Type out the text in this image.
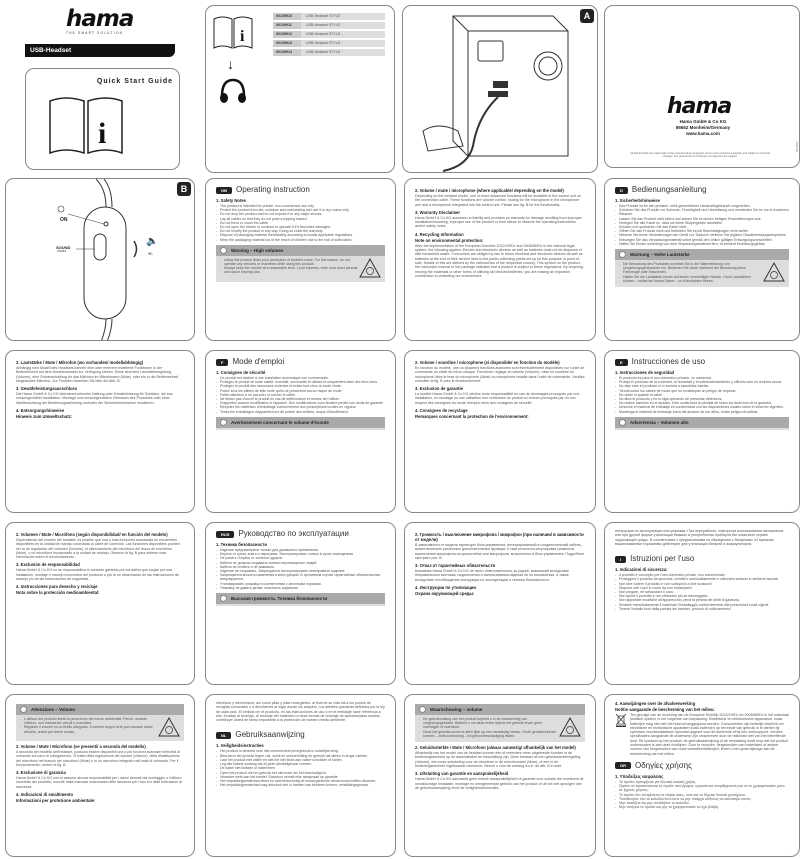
hama
THE SMART SOLUTION
USB-Headset
Quick Start Guide
i
i
↓
00139910	USB-Headset STYLE
00139911	USB-Headset STYLE
00139912	USB-Headset STYLE
00139913	USB-Headset STYLE
00139914	USB-Headset STYLE
A
hama
Hama GmbH & Co KG
86652 Monheim/Germany
www.hama.com
All listed brands are trademarks of the corresponding companies. Errors and omissions excepted, and subject to technical changes. Our general terms of delivery and payment are applied.
06.2017
B
ON
SOUND
ON/OFF
🔈
+/-
GB	Operating instruction
1. Safety Notes
- The product is intended for private, non-commercial use only.
- Protect the product from dirt, moisture and overheating and use it in dry rooms only.
- Do not drop the product and do not expose it to any major shocks.
- Lay all cables so that they do not pose a tripping hazard.
- Do not bend or crush the cable.
- Do not open the device or continue to operate it if it becomes damaged.
- Do not modify the product in any way. Doing so voids the warranty.
- Dispose of packaging material immediately according to locally applicable regulations.
- Keep the packaging material out of the reach of children due to the risk of suffocation.
Warning – High volumes
- Using this product limits your perception of ambient noise. For this reason, do not operate any vehicles or machines while using this product.
- Always keep the volume at a reasonable level. Loud volumes, even over short periods, can cause hearing loss.
2. Volume / mute / microphone (where applicable/ depending on the model)
Depending on the headset model, one or more advanced functions will be available in the control unit on the connection cable. These functions are volume control, muting for the microphone in the microphone arm and a microphone integrated into the control unit. Please see fig. B for the functionality.
3. Warranty Disclaimer
Hama GmbH & Co KG assumes no liability and provides no warranty for damage resulting from improper installation/mounting, improper use of the product or from failure to observe the operating instructions and/or safety notes.
4. Recycling Information
Note on environmental protection:
After the implementation of the European Directive 2012/19/EU and 2006/66/EU in the national legal system, the following applies: Electric and electronic devices as well as batteries must not be disposed of with household waste. Consumers are obliged by law to return electrical and electronic devices as well as batteries at the end of their service lives to the public collecting points set up for this purpose or point of sale. Details to this are defined by the national law of the respective country. This symbol on the product, the instruction manual or the package indicates that a product is subject to these regulations. By recycling, reusing the materials or other forms of utilising old devices/batteries, you are making an important contribution to protecting our environment.
D	Bedienungsanleitung
1. Sicherheitshinweise
- Das Produkt ist für den privaten, nicht-gewerblichen Haushaltsgebrauch vorgesehen.
- Schützen Sie das Produkt vor Schmutz, Feuchtigkeit und Überhitzung und verwenden Sie es nur in trockenen Räumen.
- Lassen Sie das Produkt nicht fallen und setzen Sie es keinen heftigen Erschütterungen aus.
- Verlegen Sie alle Kabel so, dass sie keine Stolpergefahr darstellen.
- Knicken und quetschen Sie das Kabel nicht.
- Öffnen Sie das Produkt nicht und betreiben Sie es bei Beschädigungen nicht weiter.
- Nehmen Sie keine Veränderungen am Gerät vor. Dadurch verlieren Sie jegliche Gewährleistungsansprüche.
- Entsorgen Sie das Verpackungsmaterial sofort gemäß den örtlich gültigen Entsorgungsvorschriften.
- Halten Sie Kinder unbedingt von dem Verpackungsmaterial fern, es besteht Erstickungsgefahr.
Warnung – Hohe Lautstärke
- Die Benutzung des Produktes schränkt Sie in der Wahrnehmung von Umgebungsgeräuschen ein. Bedienen Sie daher während der Benutzung keine Fahrzeuge oder Maschinen.
- Halten Sie die Lautstärke immer auf einem vernünftigen Niveau. Hohe Lautstärken können – selbst bei kurzer Dauer – zu Hörschäden führen.
2. Lautstärke / Mute / Mikrofon (wo vorhanden/ modellabhängig)
Abhängig vom Modell des Headsets können eine oder mehrere erweiterte Funktionen in der Bedieneinheit auf dem Anschlusskabel zur Verfügung stehen. Diese sind eine Lautstärkeregelung (Volume), eine Stummschaltung für das Mikrofon im Mikrofonarm (Mute), oder ein in die Bedieneinheit eingebautes Mikrofon. Zur Funktion beachten Sie bitte die Abb. B.
3. Gewährleistungsausschluss
Die Hama GmbH & Co KG übernimmt keinerlei Haftung oder Gewährleistung für Schäden, die aus unsachgemäßer Installation, Montage und unsachgemäßem Gebrauch des Produktes oder einer Nichtbeachtung der Bedienungsanleitung und/oder der Sicherheitshinweise resultieren.
4. Entsorgungshinweise
Hinweis zum Umweltschutz:
F	Mode d'emploi
1. Consignes de sécurité
- Ce produit est destiné à une installation domestique non commerciale.
- Protégez le produit de toute saleté, humidité, surchauffe et utilisez-le uniquement dans des lieux secs.
- Protégez le produit des secousses violentes et évitez tout choc ou toute chute.
- Posez tous les câbles de telle sorte qu'ils ne présentent aucun risque de chute.
- Faites attention à ne pas plier ni coincer le câble.
- Ne tentez pas d'ouvrir le produit en cas de détérioration et cessez de l'utiliser.
- N'apportez aucune modification à l'appareil. Des modifications vous feraient perdre vos droits de garantie.
- Recyclez les matériaux d'emballage conformément aux prescriptions locales en vigueur.
- Tenez les emballages d'appareils hors de portée des enfants, risque d'étouffement.
Avertissement concernant le volume d'écoute
2. Volume / sourdine / microphone (si disponible/ en fonction du modèle)
En fonction du modèle, une ou plusieurs fonctions avancées sont éventuellement disponibles sur l'unité de commande du câble du micro-casque. Fonctions: réglage du volume (Volume), mise en sourdine du microphone dans le bras du microphone (Mute) ou microphone installé dans l'unité de commande. Veuillez consulter la fig. B pour le fonctionnement.
3. Exclusion de garantie
La société Hama GmbH & Co KG décline toute responsabilité en cas de dommages provoqués par une installation, un montage ou une utilisation non conformes du produit ou encore provoqués par un non respect des consignes du mode d'emploi et/ou des consignes de sécurité.
4. Consignes de recyclage
Remarques concernant la protection de l'environnement:
E	Instrucciones de uso
1. Instrucciones de seguridad
- El producto es para el uso doméstico privado, no comercial.
- Proteja el producto de la suciedad, la humedad y el sobrecalentamiento y utilícelo sólo en recintos secos.
- No deje caer el producto ni lo someta a sacudidas fuertes.
- Tienda todos los cables de modo que no constituyan un peligro de tropezar.
- No doble ni aplaste el cable.
- No abra el producto y no lo siga operando de presentar deterioros.
- No realice cambios en el aparato. Esto conllevaría la pérdida de todos los derechos de la garantía.
- Deseche el material de embalaje en conformidad con las disposiciones locales sobre el desecho vigentes.
- Mantenga el material de embalaje fuera del alcance de los niños, existe peligro de asfixia.
Advertencia – Volumen alto
2. Volumen / Mute / Micrófono (según disponibilidad/ en función del modelo)
Dependiendo del modelo del headset, es posible que una o más funciones avanzadas se encuentren disponibles en la unidad de manejo conectada al cable de conexión. Las funciones disponibles pueden ser la de regulación del volumen (Volume), el silenciamiento del micrófono del brazo de micrófono (Mute), o un micrófono incorporado a la unidad de manejo. Observe la fig. B para obtener más información sobre el funcionamiento.
3. Exclusión de responsabilidad
Hama GmbH & Co KG no se responsabiliza ni concede garantía por los daños que surjan por una instalación, montaje o manejo incorrectos del producto o por la no observación de las instrucciones de manejo y/o de las instrucciones de seguridad.
4. Instrucciones para desecho y reciclaje
Nota sobre la protección medioambiental:
RUS	Руководство по эксплуатации
1. Техника безопасности
- Изделие предназначено только для домашнего применения.
- Беречь от грязи, влаги и перегрева. Эксплуатировать только в сухих помещениях.
- Не ронять. Беречь от сильных ударов.
- Кабели не должны создавать помехи перемещению людей.
- Кабель не сгибать и не зажимать.
- Изделие не открывать. Запрещается эксплуатировать неисправное изделие.
- Запрещается вносить изменения в конструкцию. В противном случае гарантийные обязательства аннулируются.
- Утилизировать упаковку в соответствии с местными нормами.
- Упаковку не давать детям: опасность асфиксии.
Высокая громкость. Техника безопасности
2. Громкость / выключение микрофона / микрофон (при наличии/ в зависимости от модели)
В зависимости от модели гарнитуры блок управления, интегрированный в соединительный кабель, может включать различные дополнительные функции. К ним относятся регулировка громкости, выключение микрофона на кронштейне или микрофона, встроенного в блок управления. Подробнее смотрите рис. B.
3. Отказ от гарантийных обязательств
Компания Hama GmbH & Co KG не несет ответственность за ущерб, возникший вследствие неправильного монтажа, подключения и использования изделия не по назначению, а также вследствие несоблюдения инструкции по эксплуатации и техники безопасности.
4. Инструкции по утилизации
Охрана окружающей среды:
инструкция по эксплуатации или упаковка. При переработке, повторном использовании материалов или при другой форме утилизации бывших в употреблении приборов Вы помогаете охране окружающей среды. В соответствии с предписаниями по обращению с батареями, в Германии вышеназванные нормативы действуют для утилизации батарей и аккумуляторов.
I	Istruzioni per l'uso
1. Indicazioni di sicurezza:
- Il prodotto è concepito per l'uso domestico privato, non commerciale.
- Proteggere il prodotto da sporcizia, umidità e surriscaldamento e utilizzarlo soltanto in ambienti asciutti.
- Non fare cadere il prodotto e non sottoporlo a forti scossoni!
- Disporre tutti i cavi in modo da non inciamparvi.
- Non piegare, né schiacciare il cavo.
- Non aprire il prodotto e non utilizzarlo più se danneggiato.
- Non apportare modifiche all'apparecchio, pena la perdita dei diritti di garanzia.
- Smaltire immediatamente il materiale d'imballaggio conformemente alle prescrizioni locali vigenti.
- Tenere l'imballo fuori dalla portata dei bambini, pericolo di soffocamento!
Attenzione – Volume
- L'utilizzo del prodotto limita la percezione dei rumori ambientali. Perciò, durante l'utilizzo, non manovrare veicoli o macchine.
- Regolare il volume su un livello adeguato. Il volume troppo forte può causare danni all'udito, anche per breve durata.
2. Volume / Mute / Microfono (se presenti/ a seconda del modello)
A seconda del modello dell'headset, possono essere disponibili una o più funzioni avanzate nell'unità di comando sul cavo di collegamento. Si tratta della regolazione del volume (Volume), della disattivazione del microfono nel braccio del microfono (Mute) o in un microfono integrato nell'unità di comando. Per il funzionamento, vedere la fig. B.
3. Esclusione di garanzia
Hama GmbH & Co KG non si assume alcuna responsabilità per i danni derivati dal montaggio o l'utilizzo incorretto del prodotto, nonché dalla mancata osservanza delle istruzioni per l'uso e/o delle indicazioni di sicurezza.
4. Indicazioni di smaltimento
Informazioni per protezione ambientale:
eléctricos y electrónicos, así como pilas y pilas recargables, al final de su vida útil a los puntos de recogida comunales o a devolverlos al lugar donde los adquirió. Los detalles quedaran definidos por la ley de cada país. El símbolo en el producto, en las instrucciones de uso o en el embalaje hace referencia a ello. Gracias al reciclaje, al reciclaje del material o a otras formas de reciclaje de aparatos/pilas usados, contribuye Usted de forma importante a la protección de nuestro medio ambiente.
NL	Gebruiksaanwijzing
1. Veiligheidsinstructies
- Het product is bedoeld voor niet-commercieel privégebruik in huiselijke kring.
- Bescherm het product tegen vuil, vocht en oververhitting en gebruik het alleen in droge ruimten.
- Laat het product niet vallen en stel het niet bloot aan zware schokken of stoten.
- Leg alle kabels zodanig dat zij geen struikelgevaar vormen.
- De kabel niet knikken of inklemmen.
- Open het product niet en gebruik het niet meer als het beschadigd is.
- Verander niets aan het toestel. Daardoor vervalt elke aanspraak op garantie.
- Het verpakkingsmateriaal direct en overeenkomstig de lokaal geldende afvoervoorschriften afvoeren.
- Het verpakkingsmateriaal mag absoluut niet in handen van kinderen komen; verstikkingsgevaar.
Waarschuwing – volume
- De gebruikmaking van het product beperkt u in de waarneming van omgevingsgeluiden. Bedient u om deze reden tijdens het gebruik ervan geen voertuigen of machines.
- Houd het geluidsvolume te allen tijde op een verstandig niveau. Grote geluidsvolumen kunnen – zelfs kortstondig – tot gehoorbeschadiging leiden.
2. Geluidssterkte / Mute / Microfoon (alwaar aanwezig/ afhankelijk van het model)
Afhankelijk van het model van de headset kunnen één of meerdere meer uitgebreide functies in de bedieningseenheid op de aansluitkabel ter beschikking zijn. Deze bestaan uit een geluidssterkteregeling (Volume), een mute-schakeling voor de microfoon in de microfoonarm (Mute), of een in de bedieningseenheid ingebouwde microfoon. Neemt u voor de werking a.u.b. de afb. B in acht.
3. Uitsluiting van garantie en aansprakelijkheid
Hama GmbH & Co KG aanvaardt geen enkele aansprakelijkheid of garantie voor schade die voortkomt uit onvakkundige installatie, montage en onreglementair gebruik van het product of uit het niet opvolgen van de gebruiksaanwijzing en/of de veiligheidsinstructies.
4. Aanwijzingen over de afvalverwerking
Notitie aangaande de bescherming van het milieu:
Ten gevolge van de invoering van de Europese Richtlijn 2012/19/EU en 2006/66/EU in het nationaal juridisch system, is het volgende van toepassing: Elektrische en elektronische apparatuur, zoals batterijen mag niet met het huisvuil weggegooid worden. Consumenten zijn wettelijk verplicht om electrische en elctronische apparaten zoals batterijen op het einde van gebruik in te dienen bij openbare verzamelplaatsen speciaal opgezet voor dit doeleinde of bij een verkooppunt. Verdere specificaties aangaande dit onderwerp zijn omschreven door de nationale wet van het betreffende land. Dit symbool op het product, de gebruiksaanwijzing of de verpakking duidt erop dat het product onderworpen is aan deze richtlijnen. Door te recyclen, hergebruiken van materialen of andere vormen van hergebruiken van oude toestellen/batterijen, levert u een grote bijdrage aan de bescherming van het milieu.
GR	Οδηγίες χρήσης
1. Υποδείξεις ασφαλείας
- Το προϊόν προορίζεται για ιδιωτική οικιακή χρήση.
- Πρέπει να προστατεύεται το προϊόν από βρομιά, υγρασία και υπερθέρμανση και να το χρησιμοποιείτε μόνο σε ξηρούς χώρους.
- Το προϊόν δεν επιτρέπεται να πέφτει κάτω, ούτε και να δέχεται δυνατά χτυπήματα.
- Τοποθετήστε όλα τα καλώδια έτσι ώστε να μην υπάρχει κίνδυνος να σκοντάψει κανείς.
- Μην τσακίζετε και μην συνθλίβετε το καλώδιο.
- Μην ανοίγετε το προϊόν και μην το χρησιμοποιείτε αν έχει βλάβη.
